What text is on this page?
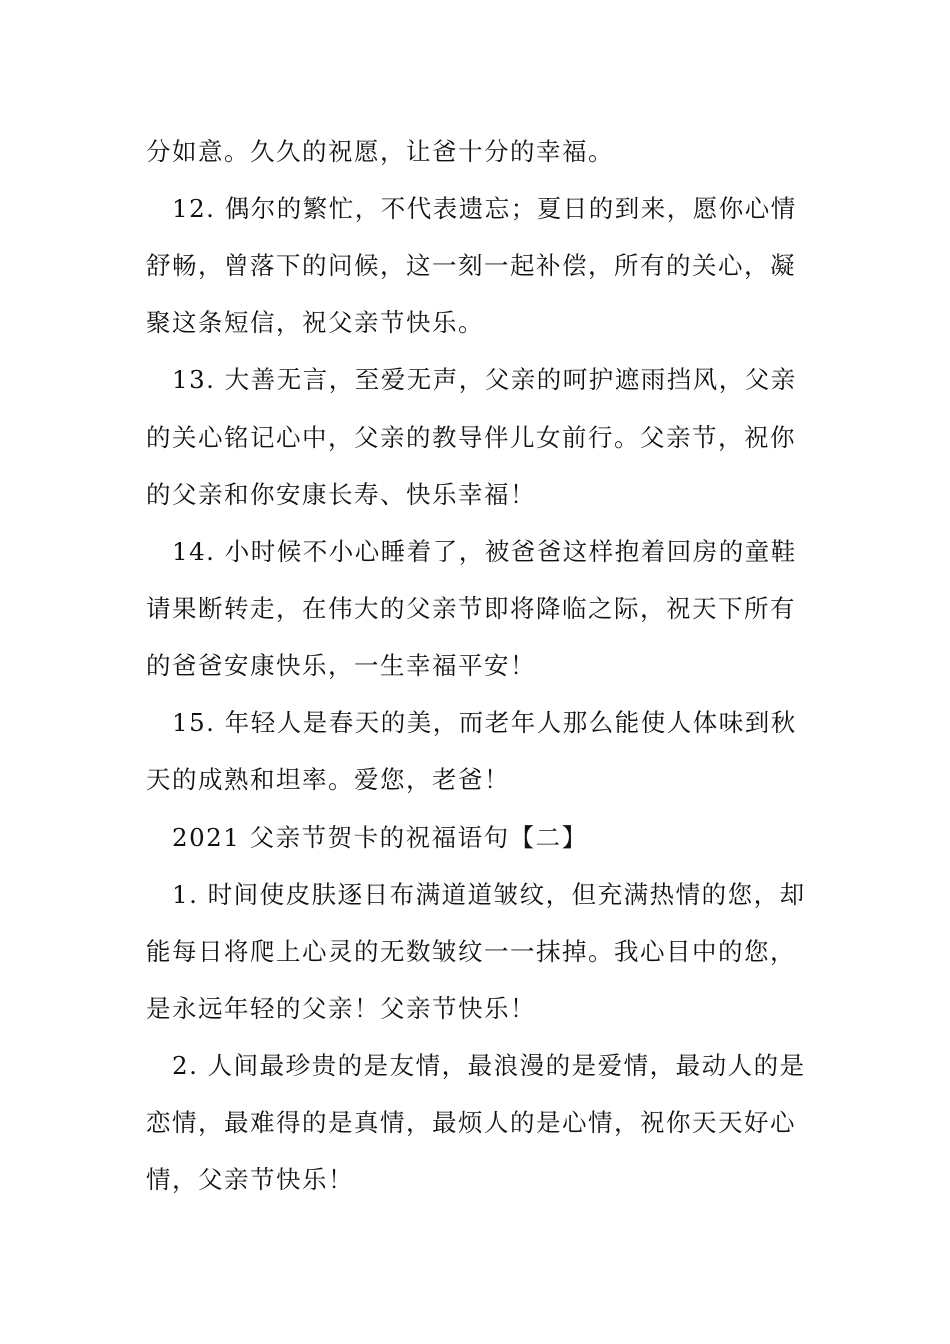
分如意。久久的祝愿，让爸十分的幸福。
12. 偶尔的繁忙，不代表遗忘；夏日的到来，愿你心情
舒畅，曾落下的问候，这一刻一起补偿，所有的关心，凝
聚这条短信，祝父亲节快乐。
13. 大善无言，至爱无声，父亲的呵护遮雨挡风，父亲
的关心铭记心中，父亲的教导伴儿女前行。父亲节，祝你
的父亲和你安康长寿、快乐幸福！
14. 小时候不小心睡着了，被爸爸这样抱着回房的童鞋
请果断转走，在伟大的父亲节即将降临之际，祝天下所有
的爸爸安康快乐，一生幸福平安！
15. 年轻人是春天的美，而老年人那么能使人体味到秋
天的成熟和坦率。爱您，老爸！
2021 父亲节贺卡的祝福语句【二】
1. 时间使皮肤逐日布满道道皱纹，但充满热情的您，却
能每日将爬上心灵的无数皱纹一一抹掉。我心目中的您，
是永远年轻的父亲！父亲节快乐！
2. 人间最珍贵的是友情，最浪漫的是爱情，最动人的是
恋情，最难得的是真情，最烦人的是心情，祝你天天好心
情，父亲节快乐！
